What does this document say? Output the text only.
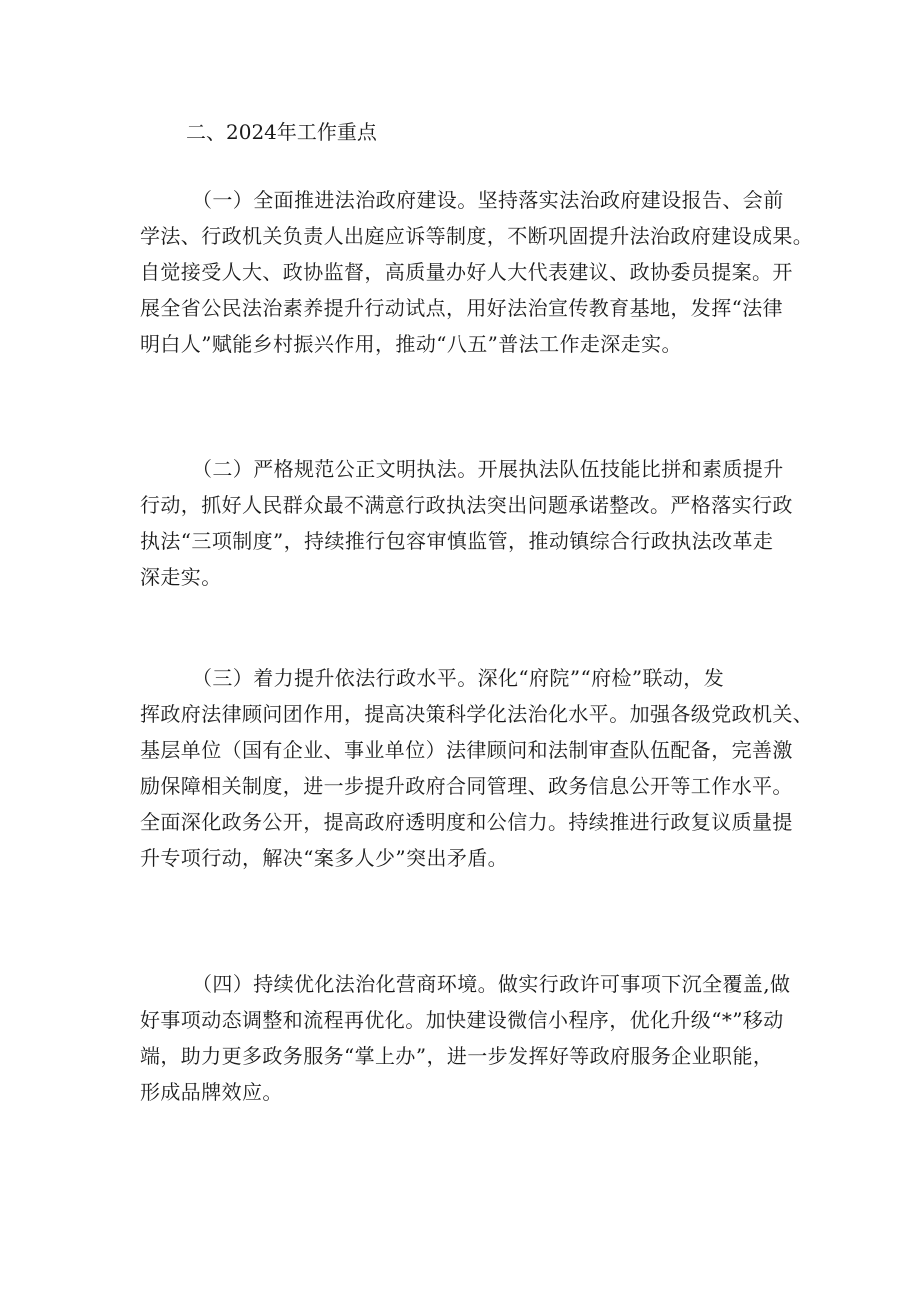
二、2024年工作重点
（一）全面推进法治政府建设。坚持落实法治政府建设报告、会前
学法、行政机关负责人出庭应诉等制度，不断巩固提升法治政府建设成果。
自觉接受人大、政协监督，高质量办好人大代表建议、政协委员提案。开
展全省公民法治素养提升行动试点，用好法治宣传教育基地，发挥“法律
明白人”赋能乡村振兴作用，推动“八五”普法工作走深走实。
（二）严格规范公正文明执法。开展执法队伍技能比拼和素质提升
行动，抓好人民群众最不满意行政执法突出问题承诺整改。严格落实行政
执法“三项制度”，持续推行包容审慎监管，推动镇综合行政执法改革走
深走实。
（三）着力提升依法行政水平。深化“府院”“府检”联动，发
挥政府法律顾问团作用，提高决策科学化法治化水平。加强各级党政机关、
基层单位（国有企业、事业单位）法律顾问和法制审查队伍配备，完善激
励保障相关制度，进一步提升政府合同管理、政务信息公开等工作水平。
全面深化政务公开，提高政府透明度和公信力。持续推进行政复议质量提
升专项行动，解决“案多人少”突出矛盾。
（四）持续优化法治化营商环境。做实行政许可事项下沉全覆盖,做
好事项动态调整和流程再优化。加快建设微信小程序，优化升级“*”移动
端，助力更多政务服务“掌上办”，进一步发挥好等政府服务企业职能，
形成品牌效应。
